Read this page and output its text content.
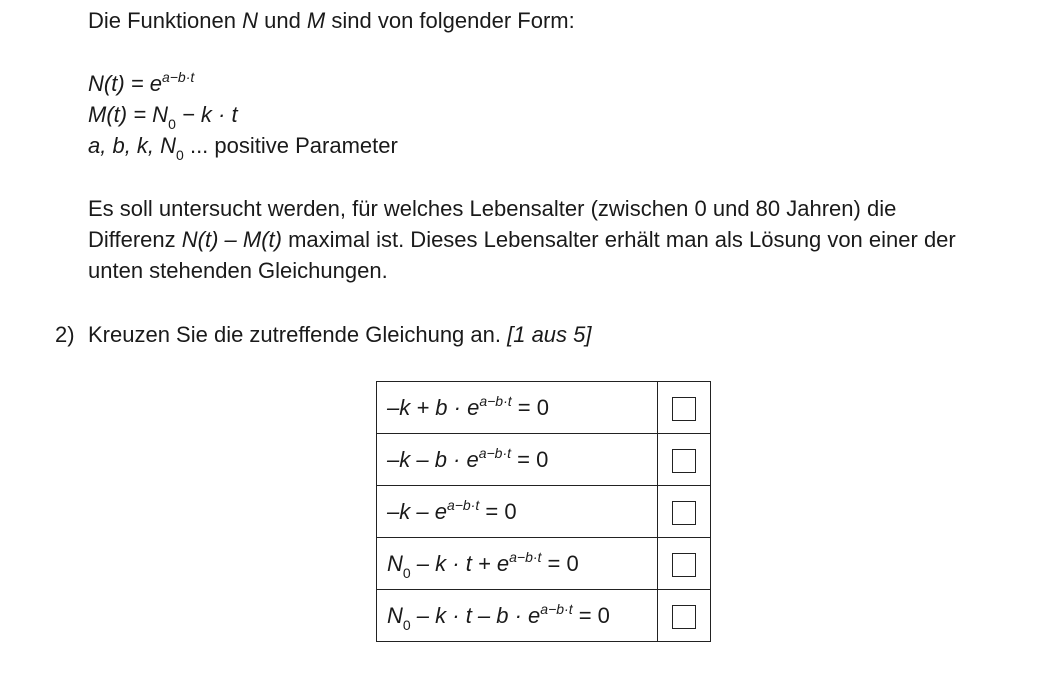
Die Funktionen N und M sind von folgender Form:
$N(t) = e^{a-b\cdot t}$
$M(t) = N_0 - k \cdot t$
a, b, k, $N_0$ ... positive Parameter
Es soll untersucht werden, für welches Lebensalter (zwischen 0 und 80 Jahren) die
Differenz N(t) – M(t) maximal ist. Dieses Lebensalter erhält man als Lösung von einer der
unten stehenden Gleichungen.
2) Kreuzen Sie die zutreffende Gleichung an. [1 aus 5]
$-k + b \cdot e^{a-b\cdot t} = 0$	
$-k - b \cdot e^{a-b\cdot t} = 0$	
$-k - e^{a-b\cdot t} = 0$	
$N_0 - k \cdot t + e^{a-b\cdot t} = 0$	
$N_0 - k \cdot t - b \cdot e^{a-b\cdot t} = 0$	
